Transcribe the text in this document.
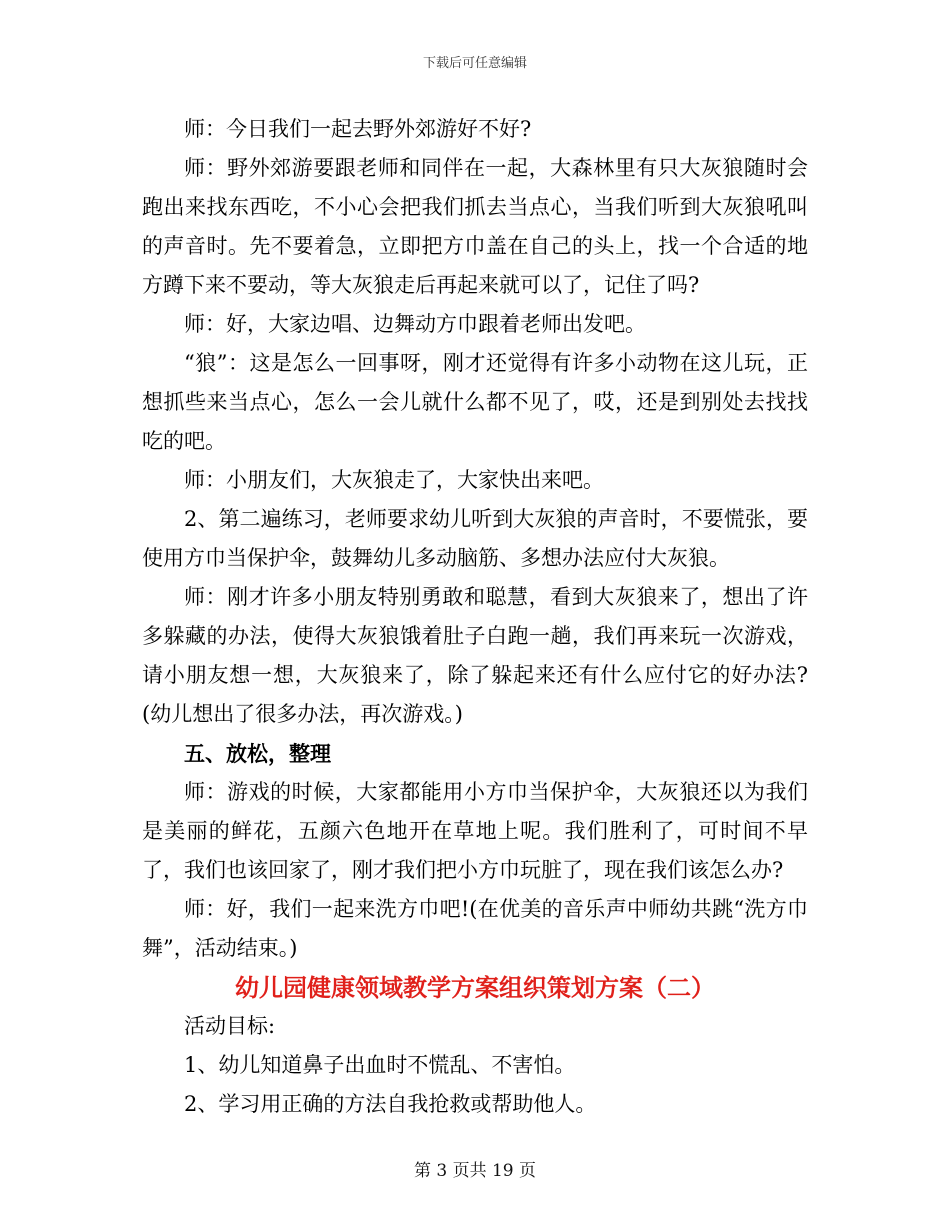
下载后可任意编辑

师：今日我们一起去野外郊游好不好?

师：野外郊游要跟老师和同伴在一起，大森林里有只大灰狼随时会跑出来找东西吃，不小心会把我们抓去当点心，当我们听到大灰狼吼叫的声音时。先不要着急，立即把方巾盖在自己的头上，找一个合适的地方蹲下来不要动，等大灰狼走后再起来就可以了，记住了吗?

师：好，大家边唱、边舞动方巾跟着老师出发吧。

“狼”：这是怎么一回事呀，刚才还觉得有许多小动物在这儿玩，正想抓些来当点心，怎么一会儿就什么都不见了，哎，还是到别处去找找吃的吧。

师：小朋友们，大灰狼走了，大家快出来吧。

2、第二遍练习，老师要求幼儿听到大灰狼的声音时，不要慌张，要使用方巾当保护伞，鼓舞幼儿多动脑筋、多想办法应付大灰狼。

师：刚才许多小朋友特别勇敢和聪慧，看到大灰狼来了，想出了许多躲藏的办法，使得大灰狼饿着肚子白跑一趟，我们再来玩一次游戏，请小朋友想一想，大灰狼来了，除了躲起来还有什么应付它的好办法?(幼儿想出了很多办法，再次游戏。)

五、放松，整理

师：游戏的时候，大家都能用小方巾当保护伞，大灰狼还以为我们是美丽的鲜花，五颜六色地开在草地上呢。我们胜利了，可时间不早了，我们也该回家了，刚才我们把小方巾玩脏了，现在我们该怎么办?

师：好，我们一起来洗方巾吧!(在优美的音乐声中师幼共跳“洗方巾舞”，活动结束。)

幼儿园健康领域教学方案组织策划方案（二）

活动目标:

1、幼儿知道鼻子出血时不慌乱、不害怕。

2、学习用正确的方法自我抢救或帮助他人。

第 3 页共 19 页
